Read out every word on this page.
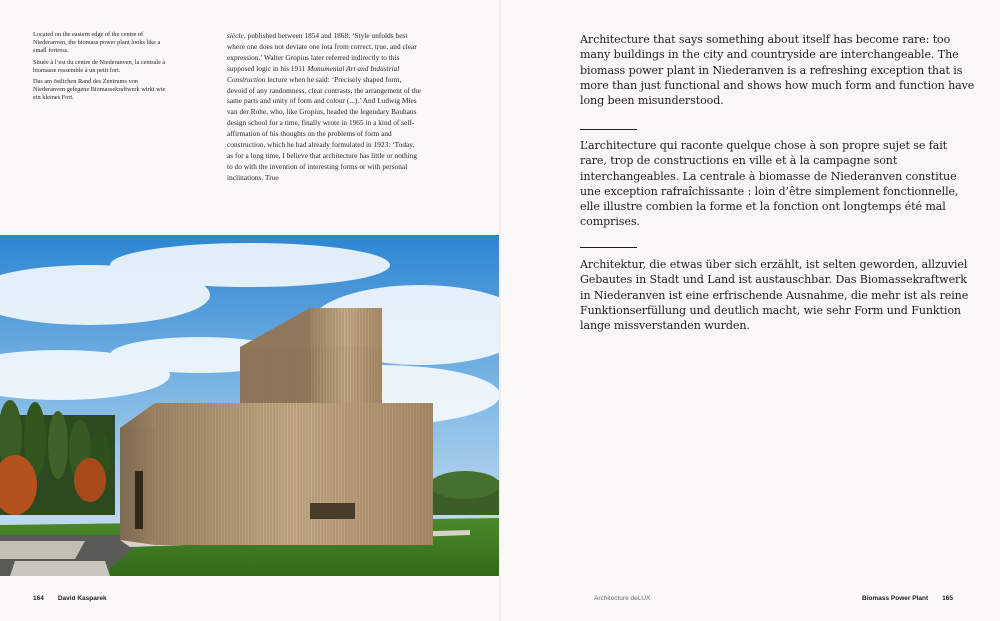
Located on the eastern edge of the centre of Niederanven, the biomass power plant looks like a small fortress.

Située à l’est du centre de Niederanven, la centrale à biomasse ressemble à un petit fort.

Das am östlichen Rand des Zentrums von Niederanven gelegene Biomassekraftwerk wirkt wie ein kleines Fort.

siècle, published between 1854 and 1868: ‘Style unfolds best where one does not deviate one iota from correct, true, and clear expression.’ Walter Gropius later referred indirectly to this supposed logic in his 1911 Monumental Art and Industrial Construction lecture when he said: ‘Precisely shaped form, devoid of any randomness, clear contrasts, the arrangement of the same parts and unity of form and colour (...).’ And Ludwig Mies van der Rohe, who, like Gropius, headed the legendary Bauhaus design school for a time, finally wrote in 1965 in a kind of self-affirmation of his thoughts on the problems of form and construction, which he had already formulated in 1923: ‘Today, as for a long time, I believe that architecture has little or nothing to do with the invention of interesting forms or with personal inclinations. True
164 David Kasparek	Architecture deLUX
Architecture that says something about itself has become rare: too many buildings in the city and countryside are interchangeable. The biomass power plant in Niederanven is a refreshing exception that is more than just functional and shows how much form and function have long been misunderstood.
L’architecture qui raconte quelque chose à son propre sujet se fait rare, trop de constructions en ville et à la campagne sont interchangeables. La centrale à biomasse de Niederanven constitue une exception rafraîchissante : loin d’être simplement fonctionnelle, elle illustre combien la forme et la fonction ont longtemps été mal comprises.
Architektur, die etwas über sich erzählt, ist selten geworden, allzuviel Gebautes in Stadt und Land ist austauschbar. Das Biomassekraftwerk in Niederanven ist eine erfrischende Ausnahme, die mehr ist als reine Funktionserfüllung und deutlich macht, wie sehr Form und Funktion lange missverstanden wurden.
Biomass Power Plant 165
